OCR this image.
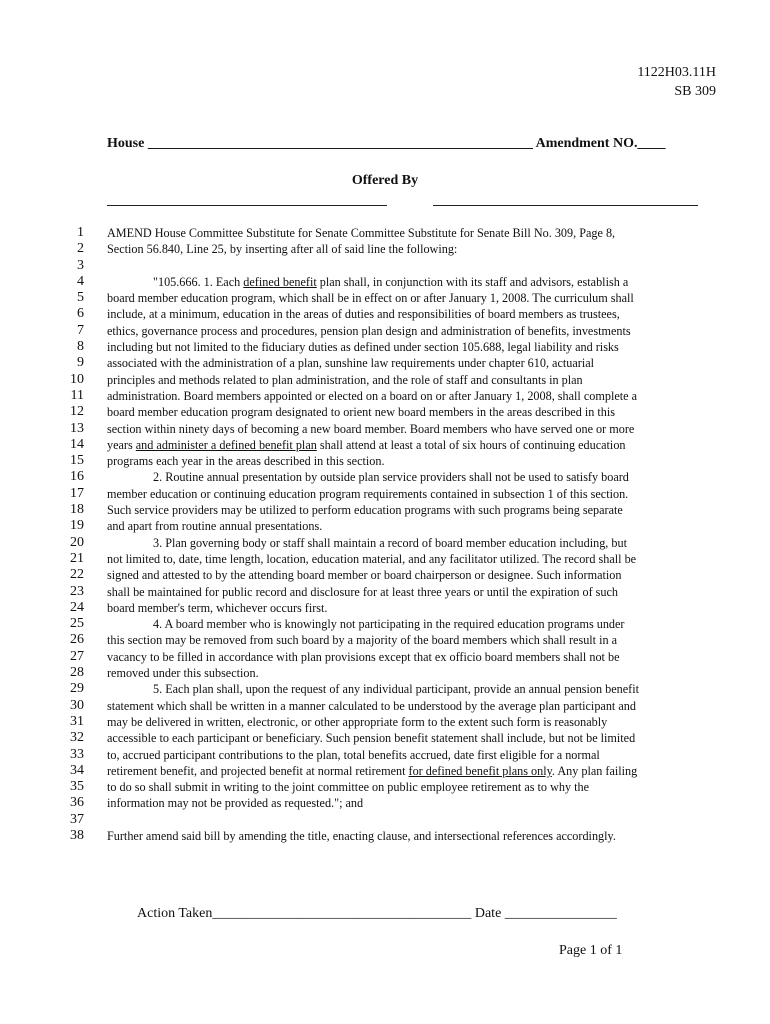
1122H03.11H
SB 309
House _______________________________________________________ Amendment NO.____
Offered By
1
2
3
4
5
6
7
8
9
10
11
12
13
14
15
16
17
18
19
20
21
22
23
24
25
26
27
28
29
30
31
32
33
34
35
36
37
38
AMEND House Committee Substitute for Senate Committee Substitute for Senate Bill No. 309, Page 8,
Section 56.840, Line 25, by inserting after all of said line the following:
"105.666. 1. Each defined benefit plan shall, in conjunction with its staff and advisors, establish a
board member education program, which shall be in effect on or after January 1, 2008. The curriculum shall
include, at a minimum, education in the areas of duties and responsibilities of board members as trustees,
ethics, governance process and procedures, pension plan design and administration of benefits, investments
including but not limited to the fiduciary duties as defined under section 105.688, legal liability and risks
associated with the administration of a plan, sunshine law requirements under chapter 610, actuarial
principles and methods related to plan administration, and the role of staff and consultants in plan
administration. Board members appointed or elected on a board on or after January 1, 2008, shall complete a
board member education program designated to orient new board members in the areas described in this
section within ninety days of becoming a new board member. Board members who have served one or more
years and administer a defined benefit plan shall attend at least a total of six hours of continuing education
programs each year in the areas described in this section.
2. Routine annual presentation by outside plan service providers shall not be used to satisfy board
member education or continuing education program requirements contained in subsection 1 of this section.
Such service providers may be utilized to perform education programs with such programs being separate
and apart from routine annual presentations.
3. Plan governing body or staff shall maintain a record of board member education including, but
not limited to, date, time length, location, education material, and any facilitator utilized. The record shall be
signed and attested to by the attending board member or board chairperson or designee. Such information
shall be maintained for public record and disclosure for at least three years or until the expiration of such
board member's term, whichever occurs first.
4. A board member who is knowingly not participating in the required education programs under
this section may be removed from such board by a majority of the board members which shall result in a
vacancy to be filled in accordance with plan provisions except that ex officio board members shall not be
removed under this subsection.
5. Each plan shall, upon the request of any individual participant, provide an annual pension benefit
statement which shall be written in a manner calculated to be understood by the average plan participant and
may be delivered in written, electronic, or other appropriate form to the extent such form is reasonably
accessible to each participant or beneficiary. Such pension benefit statement shall include, but not be limited
to, accrued participant contributions to the plan, total benefits accrued, date first eligible for a normal
retirement benefit, and projected benefit at normal retirement for defined benefit plans only. Any plan failing
to do so shall submit in writing to the joint committee on public employee retirement as to why the
information may not be provided as requested."; and
Further amend said bill by amending the title, enacting clause, and intersectional references accordingly.
Action Taken_____________________________________ Date ________________
Page 1 of 1
